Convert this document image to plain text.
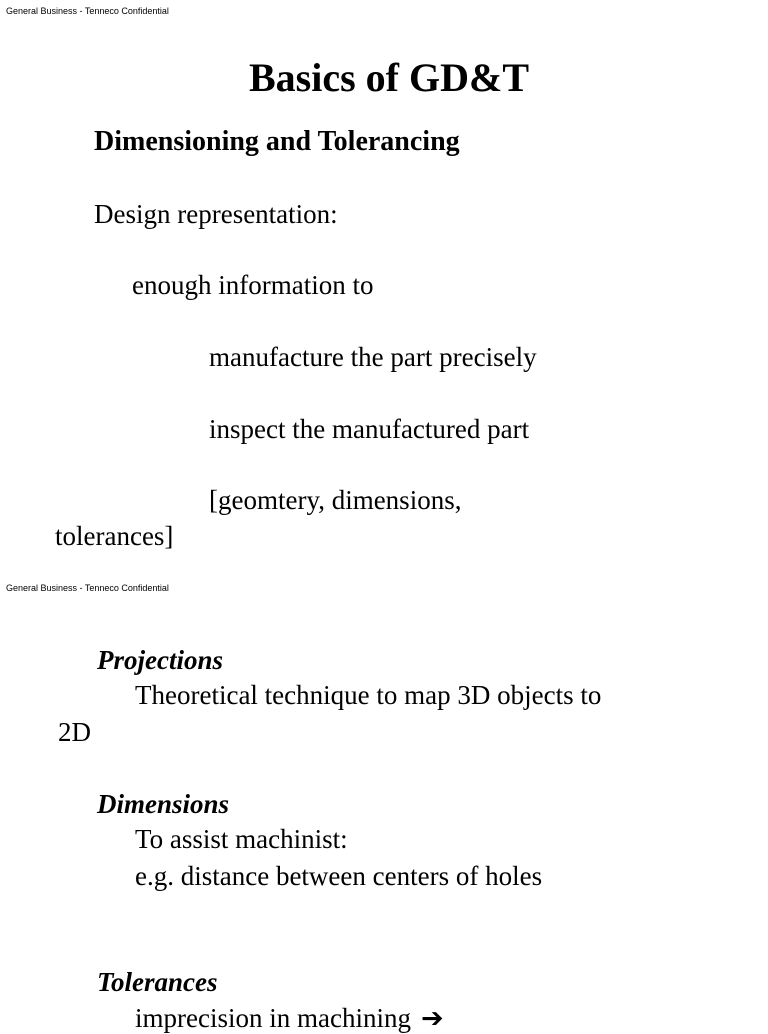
General Business - Tenneco Confidential
Basics of GD&T
Dimensioning and Tolerancing
Design representation:
enough information to
manufacture the part precisely
inspect the manufactured part
[geomtery, dimensions,
tolerances]
General Business - Tenneco Confidential
Projections
Theoretical technique to map 3D objects to
2D
Dimensions
To assist machinist:
e.g. distance between centers of holes
Tolerances
imprecision in machining ➔
